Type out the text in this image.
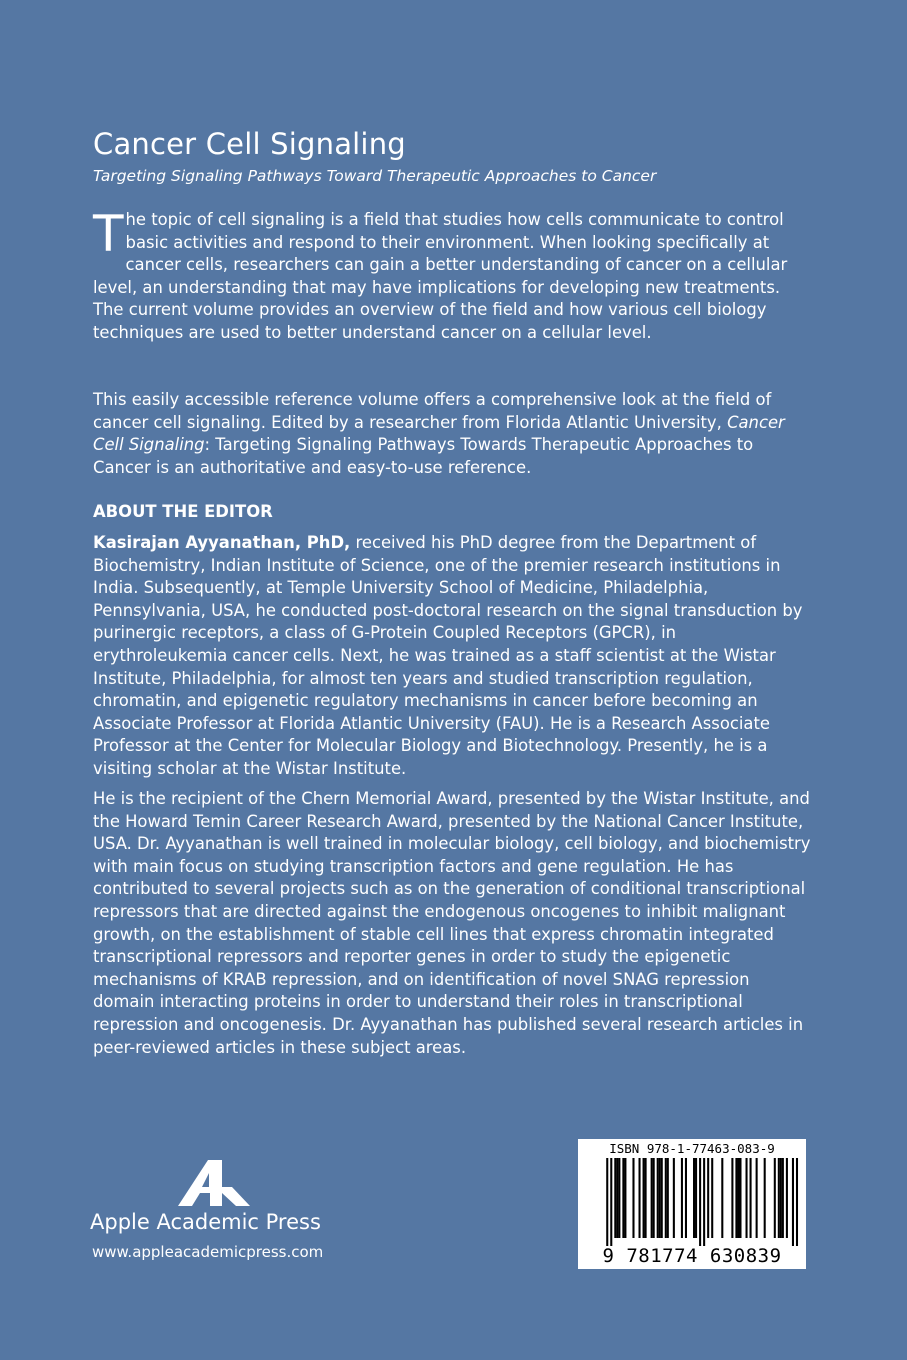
Cancer Cell Signaling
Targeting Signaling Pathways Toward Therapeutic Approaches to Cancer

The topic of cell signaling is a field that studies how cells communicate to control basic activities and respond to their environment. When looking specifically at cancer cells, researchers can gain a better understanding of cancer on a cellular level, an understanding that may have implications for developing new treatments. The current volume provides an overview of the field and how various cell biology techniques are used to better understand cancer on a cellular level.

This easily accessible reference volume offers a comprehensive look at the field of cancer cell signaling. Edited by a researcher from Florida Atlantic University, Cancer Cell Signaling: Targeting Signaling Pathways Towards Therapeutic Approaches to Cancer is an authoritative and easy-to-use reference.

ABOUT THE EDITOR

Kasirajan Ayyanathan, PhD, received his PhD degree from the Department of Biochemistry, Indian Institute of Science, one of the premier research institutions in India. Subsequently, at Temple University School of Medicine, Philadelphia, Pennsylvania, USA, he conducted post-doctoral research on the signal transduction by purinergic receptors, a class of G-Protein Coupled Receptors (GPCR), in erythroleukemia cancer cells. Next, he was trained as a staff scientist at the Wistar Institute, Philadelphia, for almost ten years and studied transcription regulation, chromatin, and epigenetic regulatory mechanisms in cancer before becoming an Associate Professor at Florida Atlantic University (FAU). He is a Research Associate Professor at the Center for Molecular Biology and Biotechnology. Presently, he is a visiting scholar at the Wistar Institute.

He is the recipient of the Chern Memorial Award, presented by the Wistar Institute, and the Howard Temin Career Research Award, presented by the National Cancer Institute, USA. Dr. Ayyanathan is well trained in molecular biology, cell biology, and biochemistry with main focus on studying transcription factors and gene regulation. He has contributed to several projects such as on the generation of conditional transcriptional repressors that are directed against the endogenous oncogenes to inhibit malignant growth, on the establishment of stable cell lines that express chromatin integrated transcriptional repressors and reporter genes in order to study the epigenetic mechanisms of KRAB repression, and on identification of novel SNAG repression domain interacting proteins in order to understand their roles in transcriptional repression and oncogenesis. Dr. Ayyanathan has published several research articles in peer-reviewed articles in these subject areas.

Apple Academic Press
www.appleacademicpress.com
ISBN 978-1-77463-083-9
9 781774 630839
